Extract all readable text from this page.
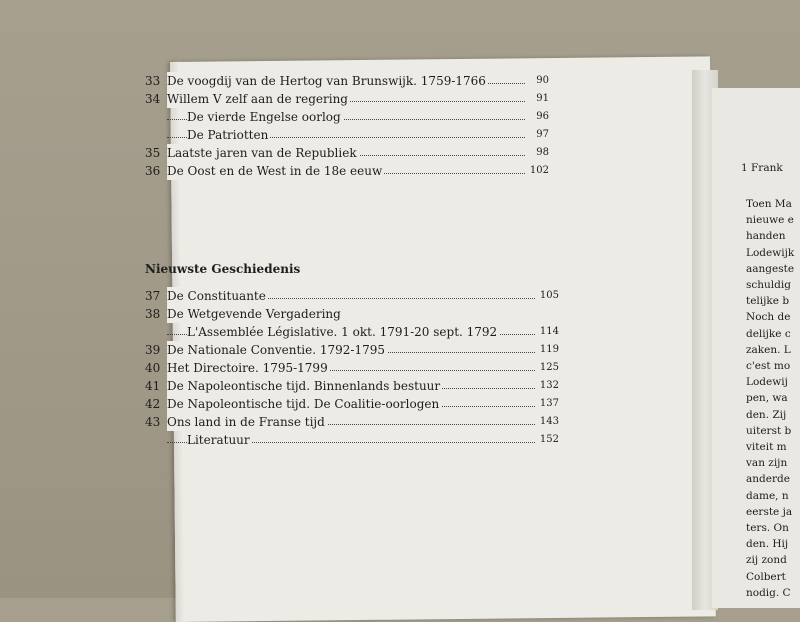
33 De voogdij van de Hertog van Brunswijk. 1759-1766	90
34 Willem V zelf aan de regering	91
De vierde Engelse oorlog	96
De Patriotten	97
35 Laatste jaren van de Republiek	98
36 De Oost en de West in de 18e eeuw	102
Nieuwste Geschiedenis
37 De Constituante	105
38 De Wetgevende Vergadering
L'Assemblée Législative. 1 okt. 1791-20 sept. 1792	114
39 De Nationale Conventie. 1792-1795	119
40 Het Directoire. 1795-1799	125
41 De Napoleontische tijd. Binnenlands bestuur	132
42 De Napoleontische tijd. De Coalitie-oorlogen	137
43 Ons land in de Franse tijd	143
Literatuur	152
1 Frank
Toen Ma
nieuwe e
handen
Lodewijk
aangeste
schuldig
telijke b
Noch de
delijke c
zaken. L
c'est mo
Lodewij
pen, wa
den. Zij
uiterst b
viteit m
van zijn
anderde
dame, n
eerste ja
ters. On
den. Hij
zij zond
Colbert
nodig. C
